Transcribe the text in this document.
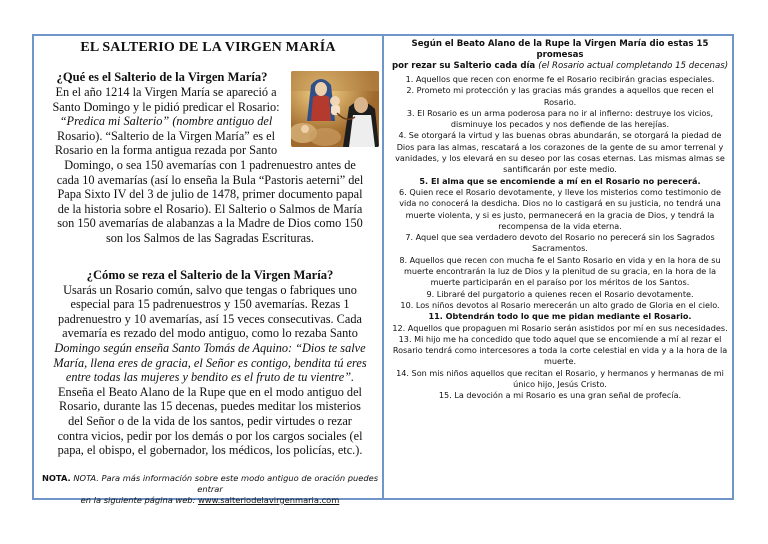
EL SALTERIO DE LA VIRGEN MARÍA
¿Qué es el Salterio de la Virgen María?
En el año 1214 la Virgen María se apareció a
Santo Domingo y le pidió predicar el Rosario:
“Predica mi Salterio” (nombre antiguo del
Rosario). “Salterio de la Virgen María” es el
Rosario en la forma antigua rezada por Santo
Domingo, o sea 150 avemarías con 1 padrenuestro antes de
cada 10 avemarías (así lo enseña la Bula “Pastoris aeterni” del
Papa Sixto IV del 3 de julio de 1478, primer documento papal
de la historia sobre el Rosario). El Salterio o Salmos de María
son 150 avemarías de alabanzas a la Madre de Dios como 150
son los Salmos de las Sagradas Escrituras.
¿Cómo se reza el Salterio de la Virgen María?
Usarás un Rosario común, salvo que tengas o fabriques uno
especial para 15 padrenuestros y 150 avemarías. Rezas 1
padrenuestro y 10 avemarías, así 15 veces consecutivas. Cada
avemaría es rezado del modo antiguo, como lo rezaba Santo
Domingo según enseña Santo Tomás de Aquino: “Dios te salve
María, llena eres de gracia, el Señor es contigo, bendita tú eres
entre todas las mujeres y bendito es el fruto de tu vientre”.
Enseña el Beato Alano de la Rupe que en el modo antiguo del
Rosario, durante las 15 decenas, puedes meditar los misterios
del Señor o de la vida de los santos, pedir virtudes o rezar
contra vicios, pedir por los demás o por los cargos sociales (el
papa, el obispo, el gobernador, los médicos, los policías, etc.).
NOTA. NOTA. Para más información sobre este modo antiguo de oración puedes entrar
en la siguiente página web: www.salteriodelavirgenmaria.com
Según el Beato Alano de la Rupe la Virgen María dio estas 15 promesas
por rezar su Salterio cada día (el Rosario actual completando 15 decenas)

1. Aquellos que recen con enorme fe el Rosario recibirán gracias especiales.

2. Prometo mi protección y las gracias más grandes a aquellos que recen el Rosario.

3. El Rosario es un arma poderosa para no ir al infierno: destruye los vicios, disminuye los pecados y nos defiende de las herejías.

4. Se otorgará la virtud y las buenas obras abundarán, se otorgará la piedad de Dios para las almas, rescatará a los corazones de la gente de su amor terrenal y vanidades, y los elevará en su deseo por las cosas eternas. Las mismas almas se santificarán por este medio.

5. El alma que se encomiende a mí en el Rosario no perecerá.

6. Quien rece el Rosario devotamente, y lleve los misterios como testimonio de vida no conocerá la desdicha. Dios no lo castigará en su justicia, no tendrá una muerte violenta, y si es justo, permanecerá en la gracia de Dios, y tendrá la recompensa de la vida eterna.

7. Aquel que sea verdadero devoto del Rosario no perecerá sin los Sagrados Sacramentos.

8. Aquellos que recen con mucha fe el Santo Rosario en vida y en la hora de su muerte encontrarán la luz de Dios y la plenitud de su gracia, en la hora de la muerte participarán en el paraíso por los méritos de los Santos.

9. Libraré del purgatorio a quienes recen el Rosario devotamente.

10. Los niños devotos al Rosario merecerán un alto grado de Gloria en el cielo.

11. Obtendrán todo lo que me pidan mediante el Rosario.

12. Aquellos que propaguen mi Rosario serán asistidos por mí en sus necesidades.

13. Mi hijo me ha concedido que todo aquel que se encomiende a mí al rezar el Rosario tendrá como intercesores a toda la corte celestial en vida y a la hora de la muerte.

14. Son mis niños aquellos que recitan el Rosario, y hermanos y hermanas de mi único hijo, Jesús Cristo.

15. La devoción a mi Rosario es una gran señal de profecía.
